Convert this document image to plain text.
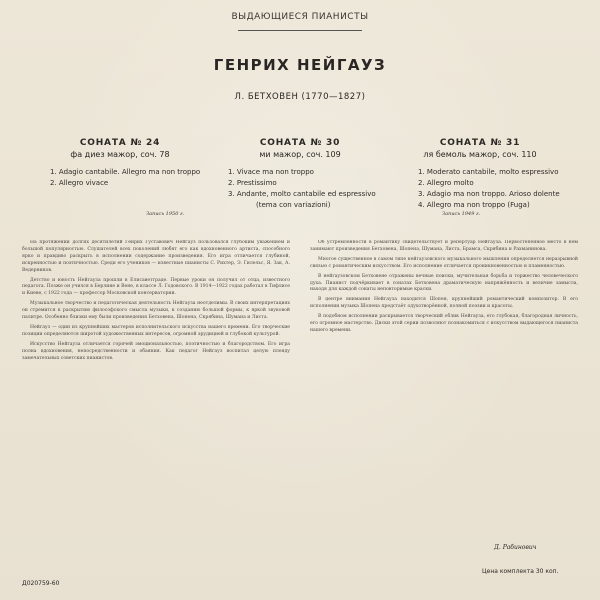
ВЫДАЮЩИЕСЯ ПИАНИСТЫ
ГЕНРИХ НЕЙГАУЗ
Л. БЕТХОВЕН (1770—1827)
СОНАТА № 24
фа диез мажор, соч. 78
СОНАТА № 30
ми мажор, соч. 109
СОНАТА № 31
ля бемоль мажор, соч. 110
1. Adagio cantabile. Allegro ma non troppo
2. Allegro vivace
1. Vivace ma non troppo
2. Prestissimo
3. Andante, molto cantabile ed espressivo
(tema con variazioni)
1. Moderato cantabile, molto espressivo
2. Allegro molto
3. Adagio ma non troppo. Arioso dolente
4. Allegro ma non troppo (Fuga)
Запись 1950 г.	Запись 1949 г.

На протяжении долгих десятилетий Генрих Густавович Нейгауз пользовался глубоким уважением и большой популярностью. Слушателей всех поколений любят его как вдохновенного артиста, способного ярко и правдиво раскрыть в исполнении содержание произведения. Его игра отличается глубиной, искренностью и поэтичностью. Среди его учеников — известные пианисты С. Рихтер, Э. Гилельс, Я. Зак, А. Ведерников.

Детство и юность Нейгауза прошли в Елисаветграде. Первые уроки он получил от отца, известного педагога. Позже он учился в Берлине и Вене, в классе Л. Годовского. В 1914—1922 годах работал в Тифлисе и Киеве, с 1922 года — профессор Московской консерватории.

Музыкальное творчество и педагогическая деятельность Нейгауза неотделимы. В своих интерпретациях он стремится к раскрытию философского смысла музыки, к созданию большой формы, к яркой звуковой палитре. Особенно близки ему были произведения Бетховена, Шопена, Скрябина, Шумана и Листа.

Нейгауз — один из крупнейших мастеров исполнительского искусства нашего времени. Его творческие позиции определяются широтой художественных интересов, огромной эрудицией и глубокой культурой.

Искусство Нейгауза отличается горячей эмоциональностью, поэтичностью и благородством. Его игра полна вдохновения, непосредственности и обаяния. Как педагог Нейгауз воспитал целую плеяду замечательных советских пианистов.

Об устремленности в романтику свидетельствует и репертуар Нейгауза. Первостепенное место в нём занимают произведения Бетховена, Шопена, Шумана, Листа, Брамса, Скрябина и Рахманинова.

Многое существенное в самом типе нейгаузовского музыкального мышления определяется неразрывной связью с романтическим искусством. Его исполнение отличается проникновенностью и пламенностью.

В нейгаузовском Бетховене отражены вечные поиски, мучительная борьба и торжество человеческого духа. Пианист подчёркивает в сонатах Бетховена драматическую напряжённость и величие замысла, находя для каждой сонаты неповторимые краски.

В центре внимания Нейгауза находится Шопен, крупнейший романтический композитор. В его исполнении музыка Шопена предстаёт одухотворённой, полной поэзии и красоты.

В подобном исполнении раскрывается творческий облик Нейгауза, его глубокая, благородная личность, его огромное мастерство. Диски этой серии позволяют познакомиться с искусством выдающегося пианиста нашего времени.

Д. Рабинович
Цена комплекта 30 коп.
Д020759-60
